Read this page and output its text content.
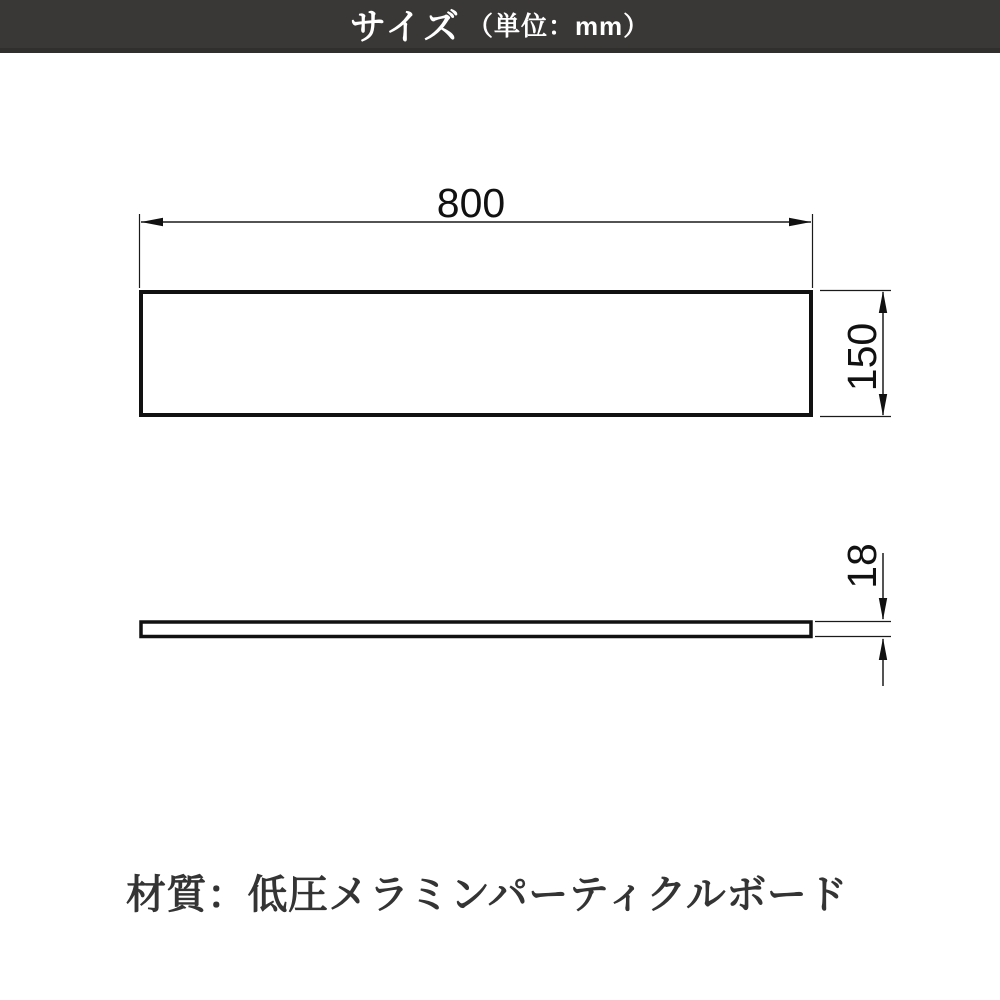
サイズ （単位：mm）
800
150
18
材質：低圧メラミンパーティクルボード
